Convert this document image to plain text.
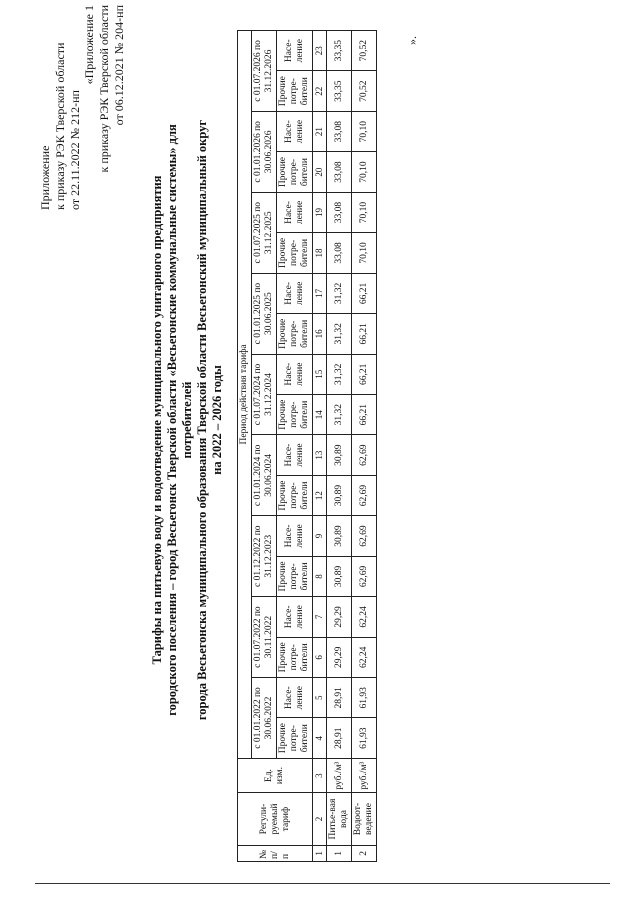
Приложение к приказу РЭК Тверской области от 22.11.2022 № 212-нп
«Приложение 1 к приказу РЭК Тверской области от 06.12.2021 № 204-нп
Тарифы на питьевую воду и водоотведение муниципального унитарного предприятия городского поселения – город Весьегонск Тверской области «Весьегонские коммунальные системы» для потребителей города Весьегонска муниципального образования Тверской области Весьегонский муниципальный округ на 2022 – 2026 годы
№ п/п	Регули-руемый тариф	Ед. изм.	Период действия тарифа																	
			с 01.01.2022 по 30.06.2022		с 01.07.2022 по 30.11.2022		с 01.12.2022 по 31.12.2023		с 01.01.2024 по 30.06.2024		с 01.07.2024 по 31.12.2024		с 01.01.2025 по 30.06.2025		с 01.07.2025 по 31.12.2025		с 01.01.2026 по 30.06.2026		с 01.07.2026 по 31.12.2026	
			Прочие потре-бители	Насе-ление	Прочие потре-бители	Насе-ление	Прочие потре-бители	Насе-ление	Прочие потре-бители	Насе-ление	Прочие потре-бители	Насе-ление	Прочие потре-бители	Насе-ление	Прочие потре-бители	Насе-ление	Прочие потре-бители	Насе-ление	Прочие потре-бители	Насе-ление
1	2	3	4	5	6	7	8	9	12	13	14	15	16	17	18	19	20	21	22	23
1	Питье-вая вода	руб./м³	28,91	28,91	29,29	29,29	30,89	30,89	30,89	30,89	31,32	31,32	31,32	31,32	33,08	33,08	33,08	33,08	33,35	33,35
2	Водоот-ведение	руб./м³	61,93	61,93	62,24	62,24	62,69	62,69	62,69	62,69	66,21	66,21	66,21	66,21	70,10	70,10	70,10	70,10	70,52	70,52	».
